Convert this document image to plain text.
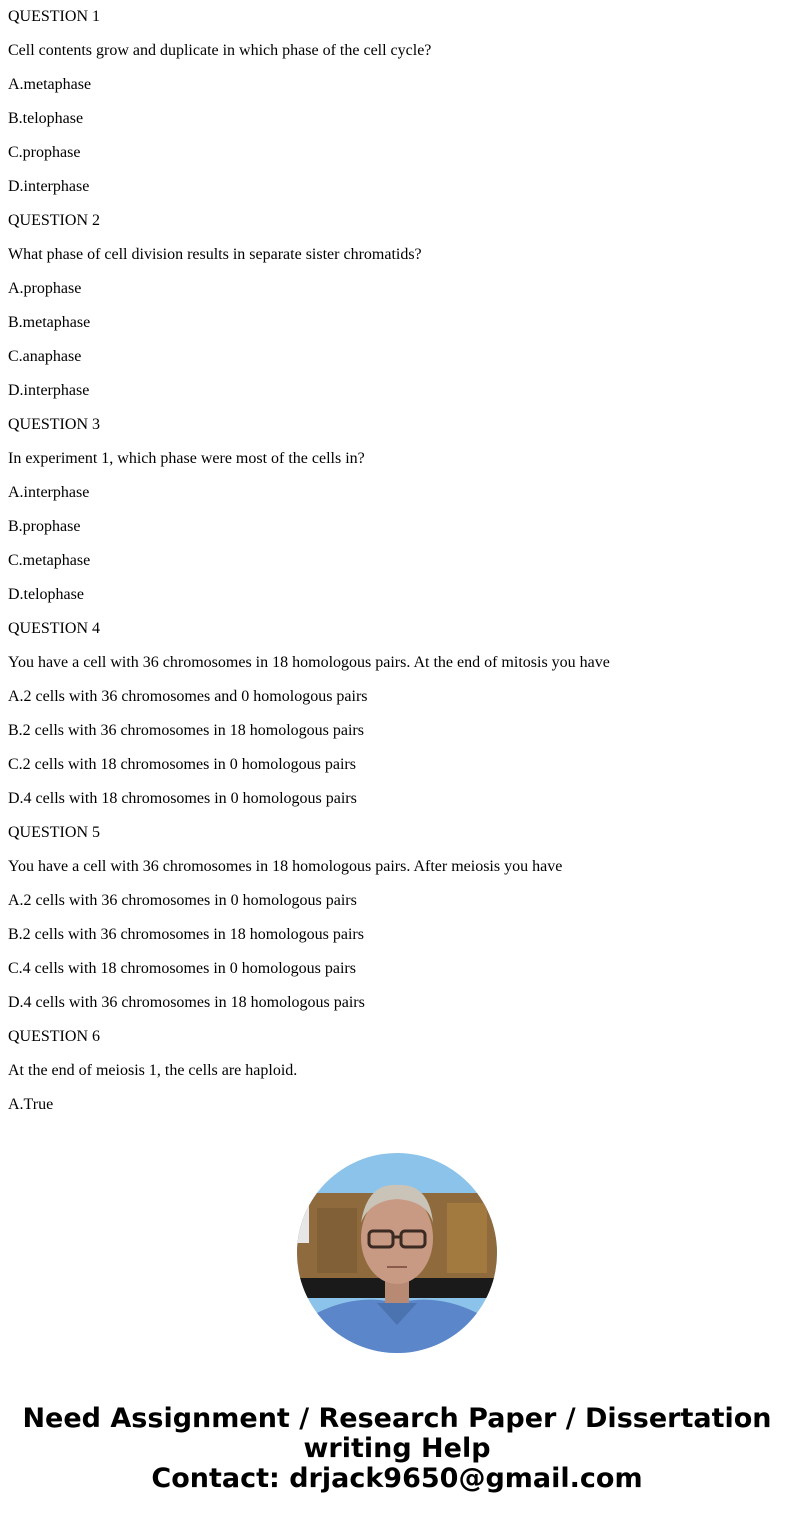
QUESTION 1

Cell contents grow and duplicate in which phase of the cell cycle?

A.metaphase

B.telophase

C.prophase

D.interphase

QUESTION 2

What phase of cell division results in separate sister chromatids?

A.prophase

B.metaphase

C.anaphase

D.interphase

QUESTION 3

In experiment 1, which phase were most of the cells in?

A.interphase

B.prophase

C.metaphase

D.telophase

QUESTION 4

You have a cell with 36 chromosomes in 18 homologous pairs. At the end of mitosis you have

A.2 cells with 36 chromosomes and 0 homologous pairs

B.2 cells with 36 chromosomes in 18 homologous pairs

C.2 cells with 18 chromosomes in 0 homologous pairs

D.4 cells with 18 chromosomes in 0 homologous pairs

QUESTION 5

You have a cell with 36 chromosomes in 18 homologous pairs. After meiosis you have

A.2 cells with 36 chromosomes in 0 homologous pairs

B.2 cells with 36 chromosomes in 18 homologous pairs

C.4 cells with 18 chromosomes in 0 homologous pairs

D.4 cells with 36 chromosomes in 18 homologous pairs

QUESTION 6

At the end of meiosis 1, the cells are haploid.

A.True

Need Assignment / Research Paper / Dissertation
writing Help
Contact: drjack9650@gmail.com
